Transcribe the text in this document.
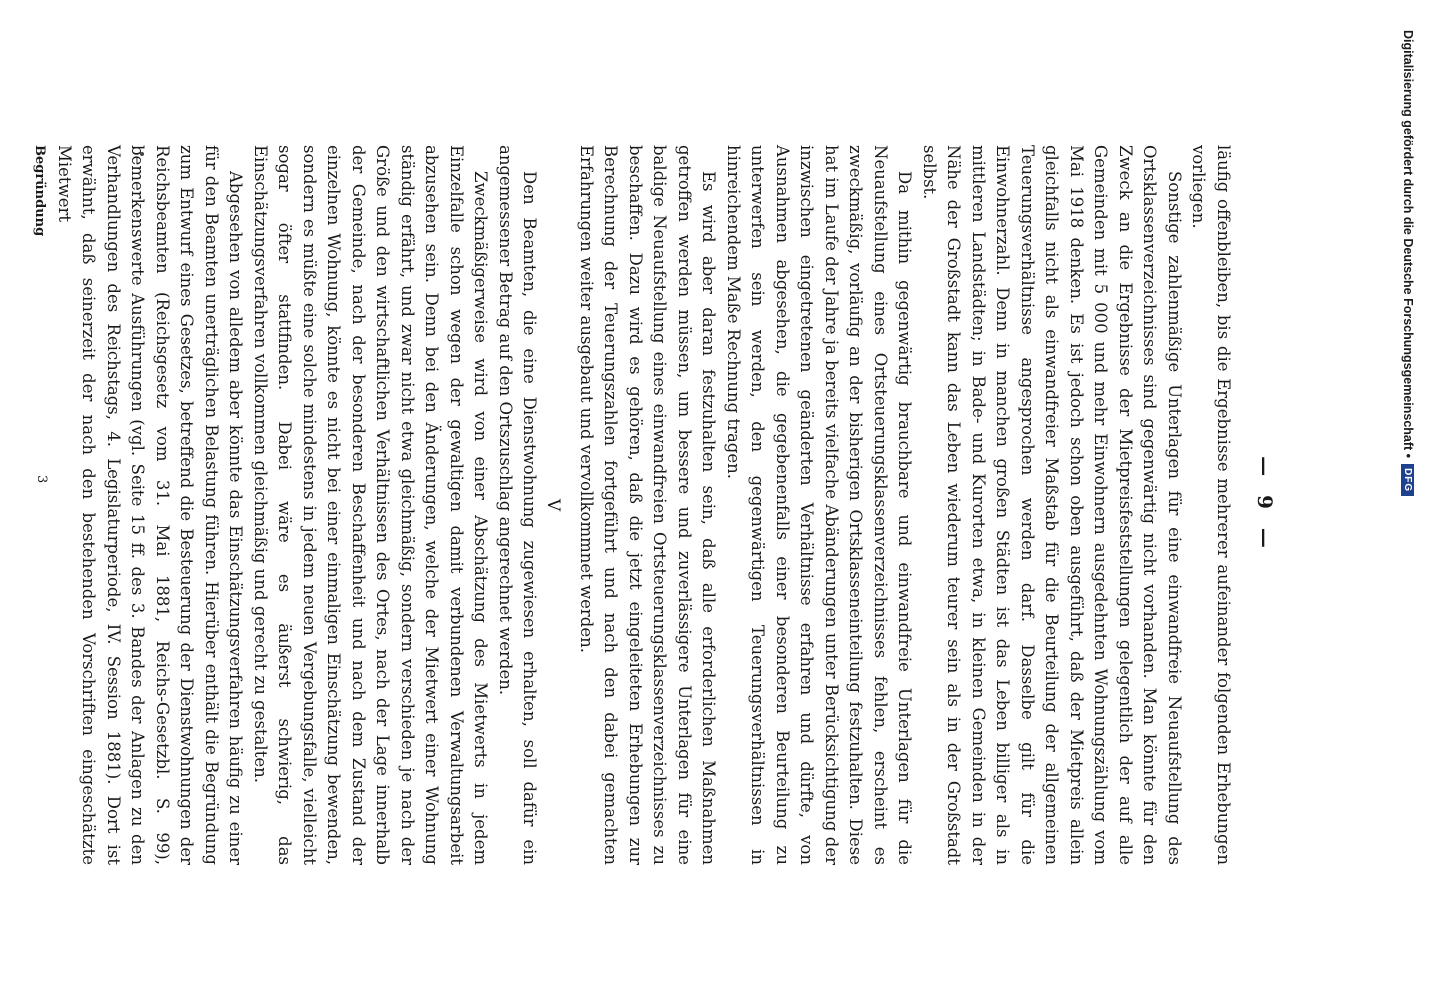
— 9 —

läufig offenbleiben, bis die Ergebnisse mehrerer aufeinander folgenden Erhebungen vorliegen.

Sonstige zahlenmäßige Unterlagen für eine einwandfreie Neuaufstellung des Ortsklassenverzeichnisses sind gegenwärtig nicht vorhanden. Man könnte für den Zweck an die Ergebnisse der Mietpreisfeststellungen gelegentlich der auf alle Gemeinden mit 5 000 und mehr Einwohnern ausgedehnten Wohnungszählung vom Mai 1918 denken. Es ist jedoch schon oben ausgeführt, daß der Mietpreis allein gleichfalls nicht als einwandfreier Maßstab für die Beurteilung der allgemeinen Teuerungsverhältnisse angesprochen werden darf. Dasselbe gilt für die Einwohnerzahl. Denn in manchen großen Städten ist das Leben billiger als in mittleren Landstädten; in Bade- und Kurorten etwa, in kleinen Gemeinden in der Nähe der Großstadt kann das Leben wiederum teurer sein als in der Großstadt selbst.

Da mithin gegenwärtig brauchbare und einwandfreie Unterlagen für die Neuaufstellung eines Ortsteuerungsklassenverzeichnisses fehlen, erscheint es zweckmäßig, vorläufig an der bisherigen Ortsklasseneinteilung festzuhalten. Diese hat im Laufe der Jahre ja bereits vielfache Abänderungen unter Berücksichtigung der inzwischen eingetretenen geänderten Verhältnisse erfahren und dürfte, von Ausnahmen abgesehen, die gegebenenfalls einer besonderen Beurteilung zu unterwerfen sein werden, den gegenwärtigen Teuerungsverhältnissen in hinreichendem Maße Rechnung tragen.

Es wird aber daran festzuhalten sein, daß alle erforderlichen Maßnahmen getroffen werden müssen, um bessere und zuverlässigere Unterlagen für eine baldige Neuaufstellung eines einwandfreien Ortsteuerungsklassenverzeichnisses zu beschaffen. Dazu wird es gehören, daß die jetzt eingeleiteten Erhebungen zur Berechnung der Teuerungszahlen fortgeführt und nach den dabei gemachten Erfahrungen weiter ausgebaut und vervollkommnet werden.

V

Den Beamten, die eine Dienstwohnung zugewiesen erhalten, soll dafür ein angemessener Betrag auf den Ortszuschlag angerechnet werden.

Zweckmäßigerweise wird von einer Abschätzung des Mietwerts in jedem Einzelfalle schon wegen der gewaltigen damit verbundenen Verwaltungsarbeit abzusehen sein. Denn bei den Änderungen, welche der Mietwert einer Wohnung ständig erfährt, und zwar nicht etwa gleichmäßig, sondern verschieden je nach der Größe und den wirtschaftlichen Verhältnissen des Ortes, nach der Lage innerhalb der Gemeinde, nach der besonderen Beschaffenheit und nach dem Zustand der einzelnen Wohnung, könnte es nicht bei einer einmaligen Einschätzung bewenden, sondern es müßte eine solche mindestens in jedem neuen Vergebungsfalle, vielleicht sogar öfter stattfinden. Dabei wäre es äußerst schwierig, das Einschätzungsverfahren vollkommen gleichmäßig und gerecht zu gestalten.

Abgesehen von alledem aber könnte das Einschätzungsverfahren häufig zu einer für den Beamten unerträglichen Belastung führen. Hierüber enthält die Begründung zum Entwurf eines Gesetzes, betreffend die Besteuerung der Dienstwohnungen der Reichsbeamten (Reichsgesetz vom 31. Mai 1881, Reichs-Gesetzbl. S. 99), bemerkenswerte Ausführungen (vgl. Seite 15 ff. des 3. Bandes der Anlagen zu den Verhandlungen des Reichstags, 4. Legislaturperiode, IV. Session 1881). Dort ist erwähnt, daß seinerzeit der nach den bestehenden Vorschriften eingeschätzte Mietwert

Begründung
3
Digitalisierung gefördert durch die Deutsche Forschungsgemeinschaft •
DFG
